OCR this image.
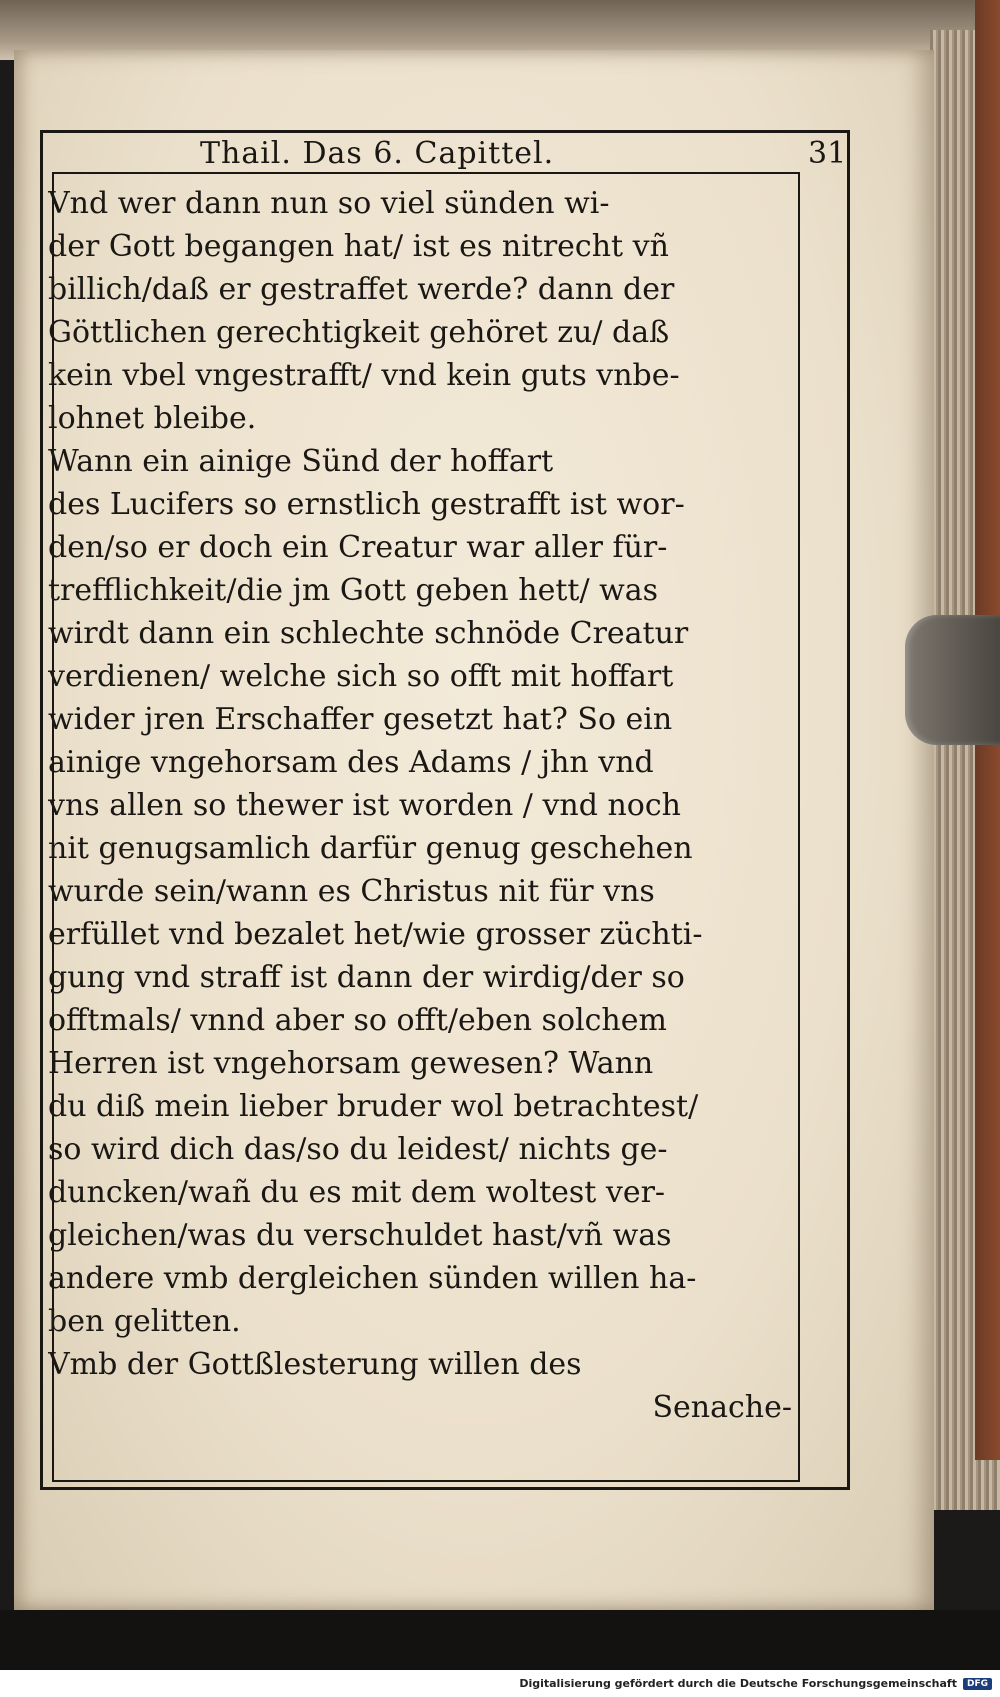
Thail. Das 6. Capittel.	31
Vnd wer dann nun so viel sünden wi-
der Gott begangen hat/ ist es nitrecht vñ
billich/daß er gestraffet werde? dann der
Göttlichen gerechtigkeit gehöret zu/ daß
kein vbel vngestrafft/ vnd kein guts vnbe-
lohnet bleibe.
Wann ein ainige Sünd der hoffart
des Lucifers so ernstlich gestrafft ist wor-
den/so er doch ein Creatur war aller für-
trefflichkeit/die jm Gott geben hett/ was
wirdt dann ein schlechte schnöde Creatur
verdienen/ welche sich so offt mit hoffart
wider jren Erschaffer gesetzt hat? So ein
ainige vngehorsam des Adams / jhn vnd
vns allen so thewer ist worden / vnd noch
nit genugsamlich darfür genug geschehen
wurde sein/wann es Christus nit für vns
erfüllet vnd bezalet het/wie grosser züchti-
gung vnd straff ist dann der wirdig/der so
offtmals/ vnnd aber so offt/eben solchem
Herren ist vngehorsam gewesen? Wann
du diß mein lieber bruder wol betrachtest/
so wird dich das/so du leidest/ nichts ge-
duncken/wañ du es mit dem woltest ver-
gleichen/was du verschuldet hast/vñ was
andere vmb dergleichen sünden willen ha-
ben gelitten.
Vmb der Gottßlesterung willen des
Senache-
Digitalisierung gefördert durch die Deutsche Forschungsgemeinschaft	DFG
